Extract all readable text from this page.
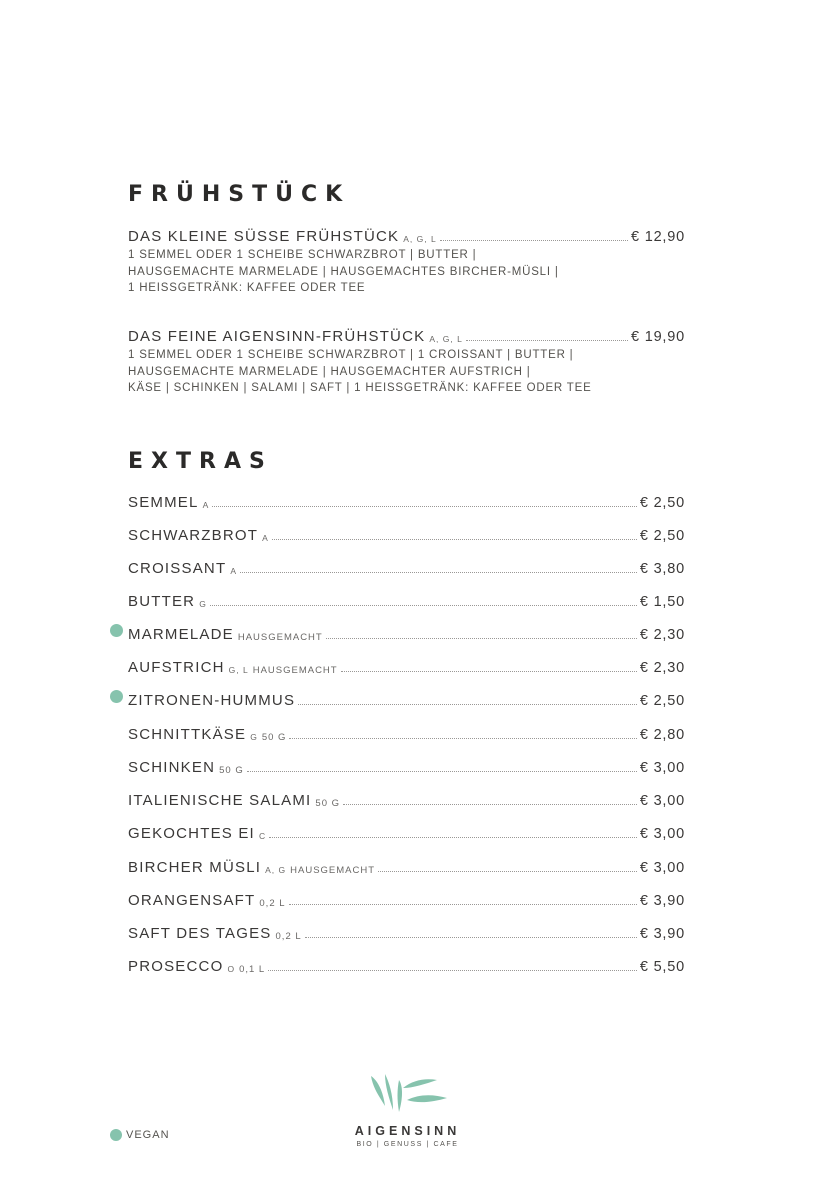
FRÜHSTÜCK
DAS KLEINE SÜSSE FRÜHSTÜCK A, G, L	€ 12,90
1 SEMMEL ODER 1 SCHEIBE SCHWARZBROT | BUTTER |
HAUSGEMACHTE MARMELADE | HAUSGEMACHTES BIRCHER-MÜSLI |
1 HEISSGETRÄNK: KAFFEE ODER TEE
DAS FEINE AIGENSINN-FRÜHSTÜCK A, G, L	€ 19,90
1 SEMMEL ODER 1 SCHEIBE SCHWARZBROT | 1 CROISSANT | BUTTER |
HAUSGEMACHTE MARMELADE | HAUSGEMACHTER AUFSTRICH |
KÄSE | SCHINKEN | SALAMI | SAFT | 1 HEISSGETRÄNK: KAFFEE ODER TEE
EXTRAS
SEMMEL A	€ 2,50
SCHWARZBROT A	€ 2,50
CROISSANT A	€ 3,80
BUTTER G	€ 1,50
MARMELADE HAUSGEMACHT	€ 2,30
AUFSTRICH G, L HAUSGEMACHT	€ 2,30
ZITRONEN-HUMMUS	€ 2,50
SCHNITTKÄSE G 50 G	€ 2,80
SCHINKEN 50 G	€ 3,00
ITALIENISCHE SALAMI 50 G	€ 3,00
GEKOCHTES EI C	€ 3,00
BIRCHER MÜSLI A, G HAUSGEMACHT	€ 3,00
ORANGENSAFT 0,2 L	€ 3,90
SAFT DES TAGES 0,2 L	€ 3,90
PROSECCO O 0,1 L	€ 5,50
VEGAN	AIGENSINN
BIO | GENUSS | CAFE
